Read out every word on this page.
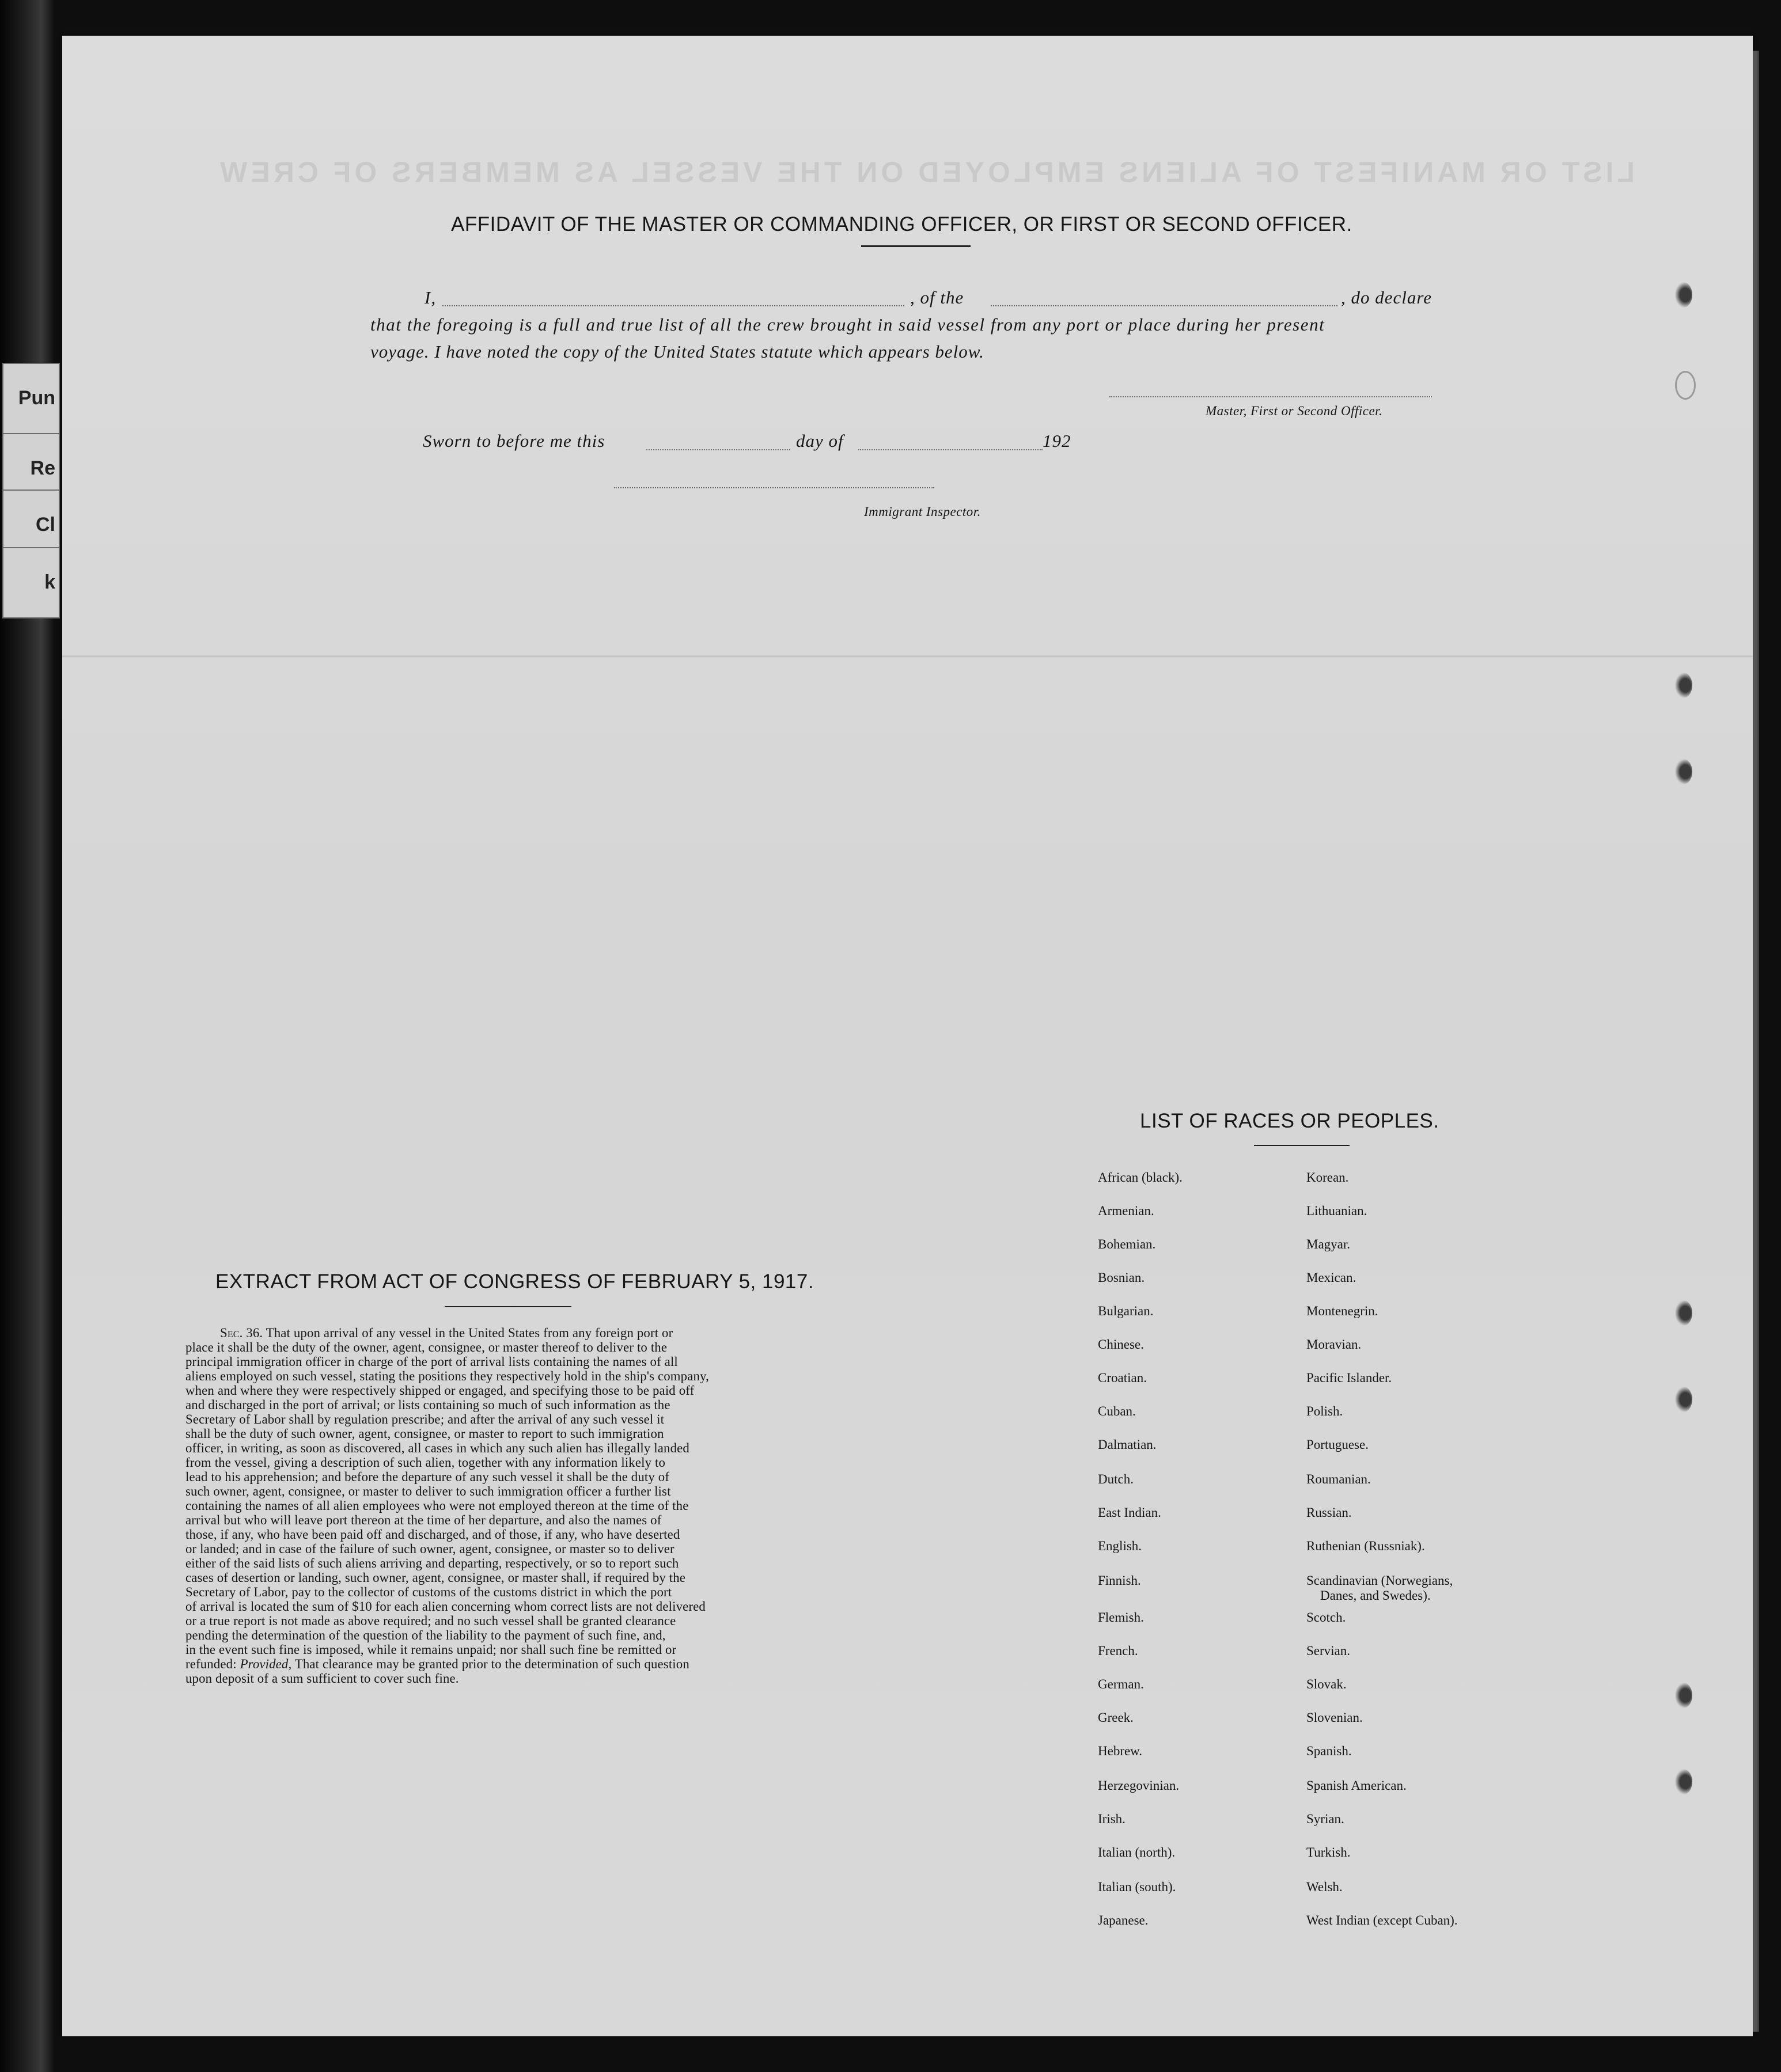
Pun
Re
Cl
k
LIST OR MANIFEST OF ALIENS EMPLOYED ON THE VESSEL AS MEMBERS OF CREW
AFFIDAVIT OF THE MASTER OR COMMANDING OFFICER, OR FIRST OR SECOND OFFICER.
I,	, of the	, do declare
that the foregoing is a full and true list of all the crew brought in said vessel from any port or place during her present
voyage. I have noted the copy of the United States statute which appears below.
Master, First or Second Officer.
Sworn to before me this	day of	192
Immigrant Inspector.
EXTRACT FROM ACT OF CONGRESS OF FEBRUARY 5, 1917.
Sec. 36. That upon arrival of any vessel in the United States from any foreign port or
place it shall be the duty of the owner, agent, consignee, or master thereof to deliver to the
principal immigration officer in charge of the port of arrival lists containing the names of all
aliens employed on such vessel, stating the positions they respectively hold in the ship's company,
when and where they were respectively shipped or engaged, and specifying those to be paid off
and discharged in the port of arrival; or lists containing so much of such information as the
Secretary of Labor shall by regulation prescribe; and after the arrival of any such vessel it
shall be the duty of such owner, agent, consignee, or master to report to such immigration
officer, in writing, as soon as discovered, all cases in which any such alien has illegally landed
from the vessel, giving a description of such alien, together with any information likely to
lead to his apprehension; and before the departure of any such vessel it shall be the duty of
such owner, agent, consignee, or master to deliver to such immigration officer a further list
containing the names of all alien employees who were not employed thereon at the time of the
arrival but who will leave port thereon at the time of her departure, and also the names of
those, if any, who have been paid off and discharged, and of those, if any, who have deserted
or landed; and in case of the failure of such owner, agent, consignee, or master so to deliver
either of the said lists of such aliens arriving and departing, respectively, or so to report such
cases of desertion or landing, such owner, agent, consignee, or master shall, if required by the
Secretary of Labor, pay to the collector of customs of the customs district in which the port
of arrival is located the sum of $10 for each alien concerning whom correct lists are not delivered
or a true report is not made as above required; and no such vessel shall be granted clearance
pending the determination of the question of the liability to the payment of such fine, and,
in the event such fine is imposed, while it remains unpaid; nor shall such fine be remitted or
refunded: Provided, That clearance may be granted prior to the determination of such question
upon deposit of a sum sufficient to cover such fine.
LIST OF RACES OR PEOPLES.
African (black).
Armenian.
Bohemian.
Bosnian.
Bulgarian.
Chinese.
Croatian.
Cuban.
Dalmatian.
Dutch.
East Indian.
English.
Finnish.
Flemish.
French.
German.
Greek.
Hebrew.
Herzegovinian.
Irish.
Italian (north).
Italian (south).
Japanese.
Korean.
Lithuanian.
Magyar.
Mexican.
Montenegrin.
Moravian.
Pacific Islander.
Polish.
Portuguese.
Roumanian.
Russian.
Ruthenian (Russniak).
Scandinavian (Norwegians,
Danes, and Swedes).
Scotch.
Servian.
Slovak.
Slovenian.
Spanish.
Spanish American.
Syrian.
Turkish.
Welsh.
West Indian (except Cuban).
